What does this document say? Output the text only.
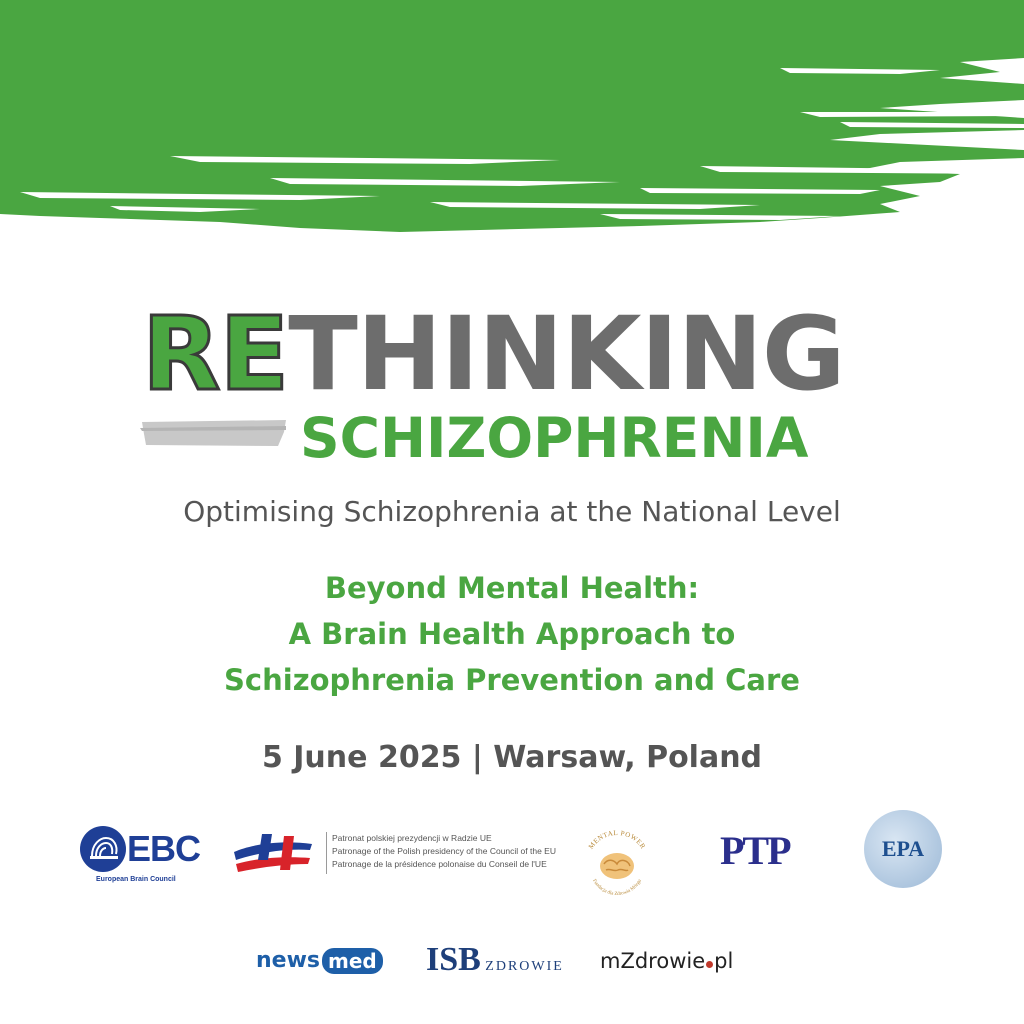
RETHINKING
SCHIZOPHRENIA
Optimising Schizophrenia at the National Level
Beyond Mental Health:
A Brain Health Approach to
Schizophrenia Prevention and Care
5 June 2025 | Warsaw, Poland
EBC
European Brain Council
Patronat polskiej prezydencji w Radzie UE
Patronage of the Polish presidency of the Council of the EU
Patronage de la présidence polonaise du Conseil de l'UE
MENTAL POWER
Fundacja dla Zdrowia Mózgu
PTP	EPA
news med ISB ZDROWIE mZdrowie pl
